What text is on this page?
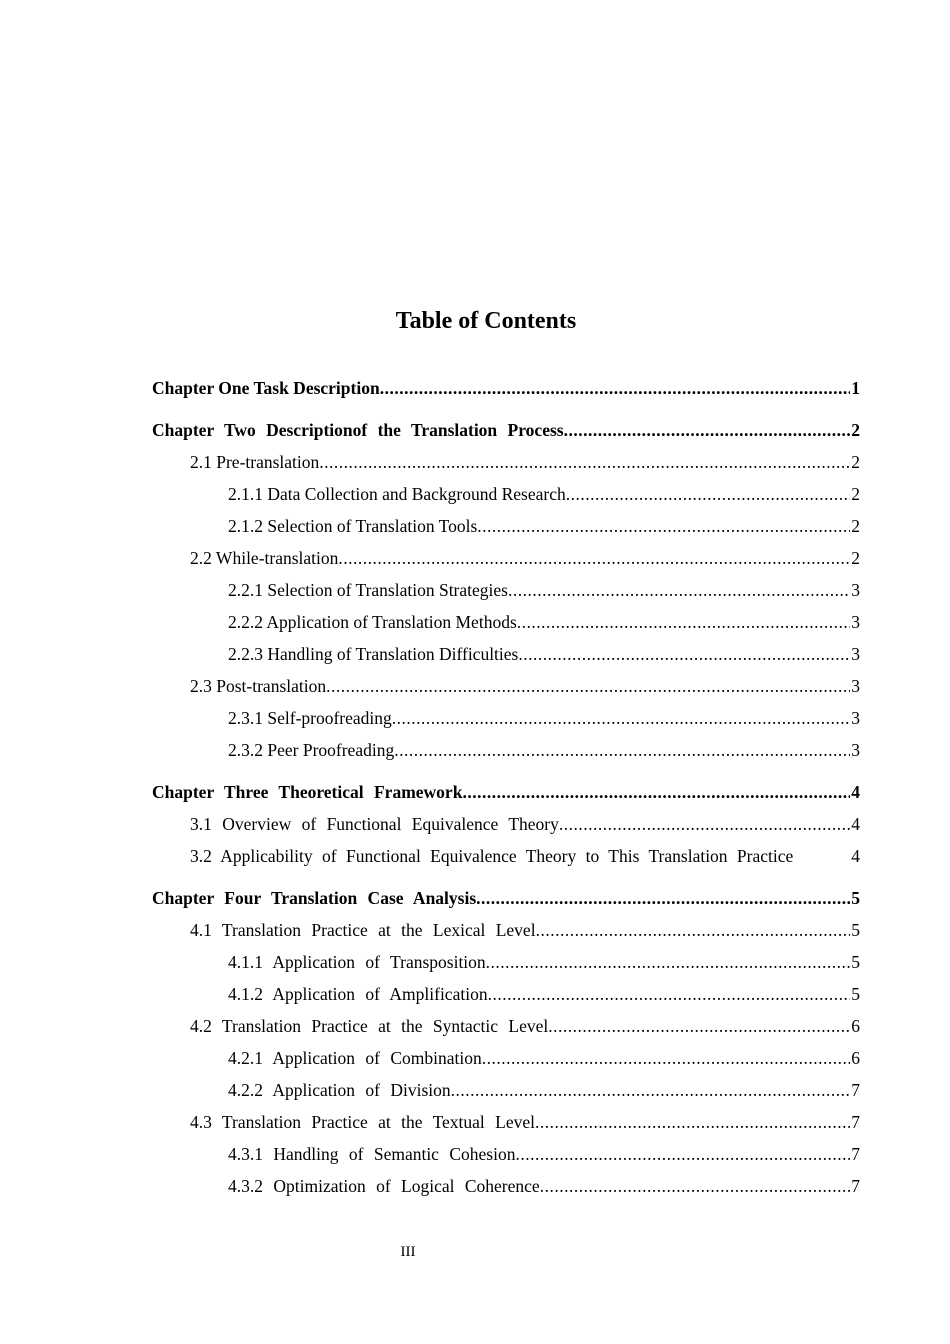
Table of Contents
Chapter One Task Description .....	1
Chapter Two Descriptionof the Translation Process .....	2
2.1 Pre-translation .....	2
2.1.1 Data Collection and Background Research .....	2
2.1.2 Selection of Translation Tools .....	2
2.2 While-translation .....	2
2.2.1 Selection of Translation Strategies .....	3
2.2.2 Application of Translation Methods .....	3
2.2.3 Handling of Translation Difficulties .....	3
2.3 Post-translation .....	3
2.3.1 Self-proofreading .....	3
2.3.2 Peer Proofreading .....	3
Chapter Three Theoretical Framework .....	4
3.1 Overview of Functional Equivalence Theory .....	4
3.2 Applicability of Functional Equivalence Theory to This Translation Practice	4
Chapter Four Translation Case Analysis .....	5
4.1 Translation Practice at the Lexical Level .....	5
4.1.1 Application of Transposition .....	5
4.1.2 Application of Amplification .....	5
4.2 Translation Practice at the Syntactic Level .....	6
4.2.1 Application of Combination .....	6
4.2.2 Application of Division .....	7
4.3 Translation Practice at the Textual Level .....	7
4.3.1 Handling of Semantic Cohesion .....	7
4.3.2 Optimization of Logical Coherence .....	7
III
